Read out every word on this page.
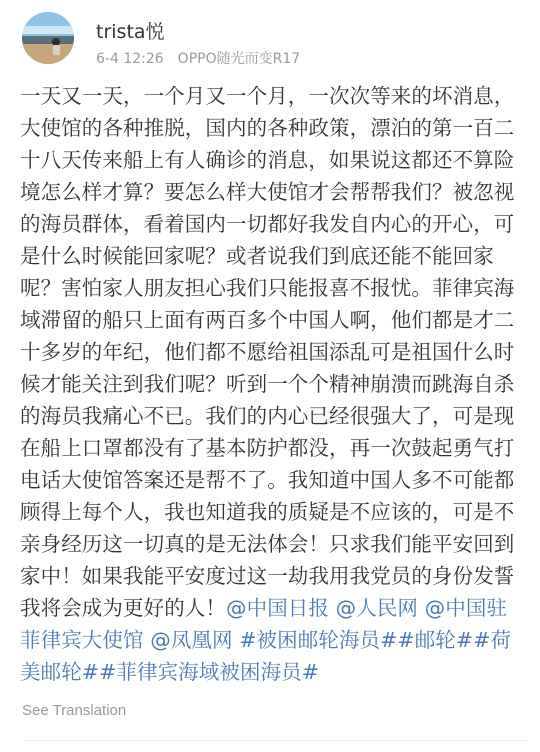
trista悦
6-4 12:26 OPPO随光而变R17
一天又一天，一个月又一个月，一次次等来的坏消息，大使馆的各种推脱，国内的各种政策，漂泊的第一百二十八天传来船上有人确诊的消息，如果说这都还不算险境怎么样才算？要怎么样大使馆才会帮帮我们？被忽视的海员群体，看着国内一切都好我发自内心的开心，可是什么时候能回家呢？或者说我们到底还能不能回家呢？害怕家人朋友担心我们只能报喜不报忧。菲律宾海域滞留的船只上面有两百多个中国人啊，他们都是才二十多岁的年纪，他们都不愿给祖国添乱可是祖国什么时候才能关注到我们呢？听到一个个精神崩溃而跳海自杀的海员我痛心不已。我们的内心已经很强大了，可是现在船上口罩都没有了基本防护都没，再一次鼓起勇气打电话大使馆答案还是帮不了。我知道中国人多不可能都顾得上每个人，我也知道我的质疑是不应该的，可是不亲身经历这一切真的是无法体会！只求我们能平安回到家中！如果我能平安度过这一劫我用我党员的身份发誓我将会成为更好的人！@中国日报 @人民网 @中国驻菲律宾大使馆 @凤凰网 #被困邮轮海员##邮轮##荷美邮轮##菲律宾海域被困海员#
See Translation
